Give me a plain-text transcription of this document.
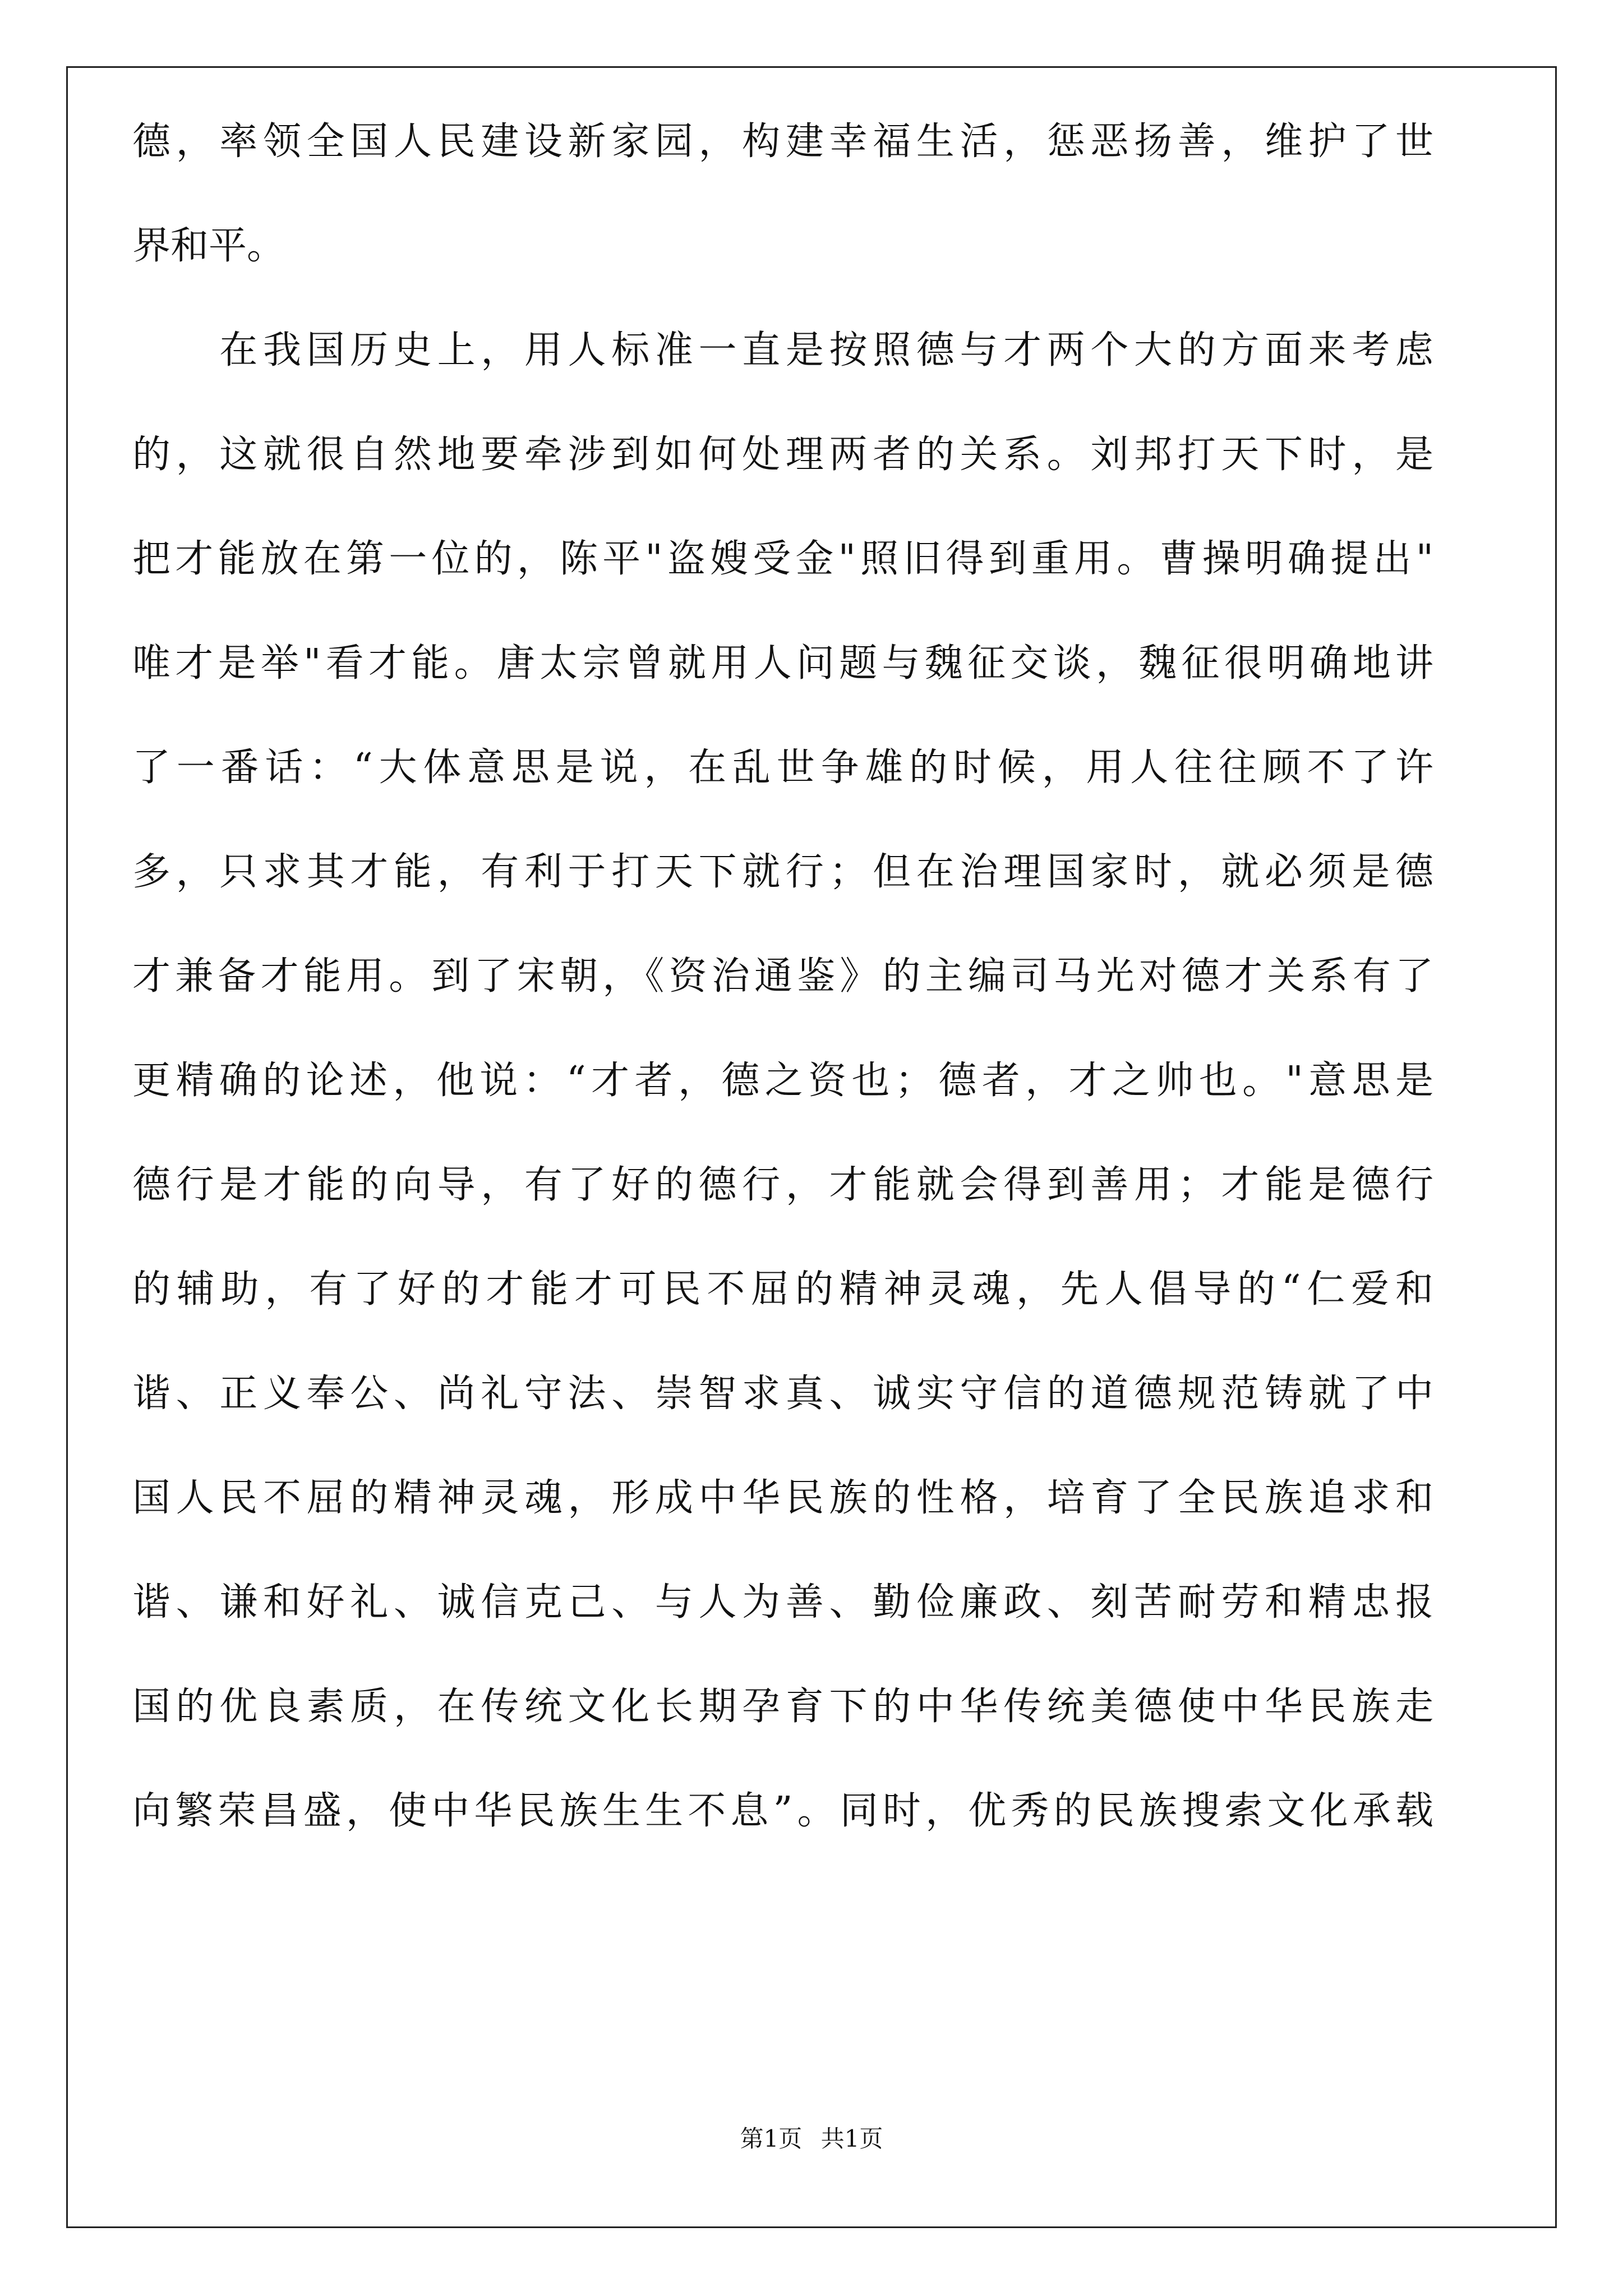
德，率领全国人民建设新家园，构建幸福生活，惩恶扬善，维护了世
界和平。
　　在我国历史上，用人标准一直是按照德与才两个大的方面来考虑
的，这就很自然地要牵涉到如何处理两者的关系。刘邦打天下时，是
把才能放在第一位的，陈平"盗嫂受金"照旧得到重用。曹操明确提出"
唯才是举"看才能。唐太宗曾就用人问题与魏征交谈，魏征很明确地讲
了一番话：“大体意思是说，在乱世争雄的时候，用人往往顾不了许
多，只求其才能，有利于打天下就行；但在治理国家时，就必须是德
才兼备才能用。到了宋朝，《资治通鉴》的主编司马光对德才关系有了
更精确的论述，他说：“才者，德之资也；德者，才之帅也。"意思是
德行是才能的向导，有了好的德行，才能就会得到善用；才能是德行
的辅助，有了好的才能才可民不屈的精神灵魂，先人倡导的“仁爱和
谐、正义奉公、尚礼守法、崇智求真、诚实守信的道德规范铸就了中
国人民不屈的精神灵魂，形成中华民族的性格，培育了全民族追求和
谐、谦和好礼、诚信克己、与人为善、勤俭廉政、刻苦耐劳和精忠报
国的优良素质，在传统文化长期孕育下的中华传统美德使中华民族走
向繁荣昌盛，使中华民族生生不息”。同时，优秀的民族搜索文化承载
第1页 共1页
